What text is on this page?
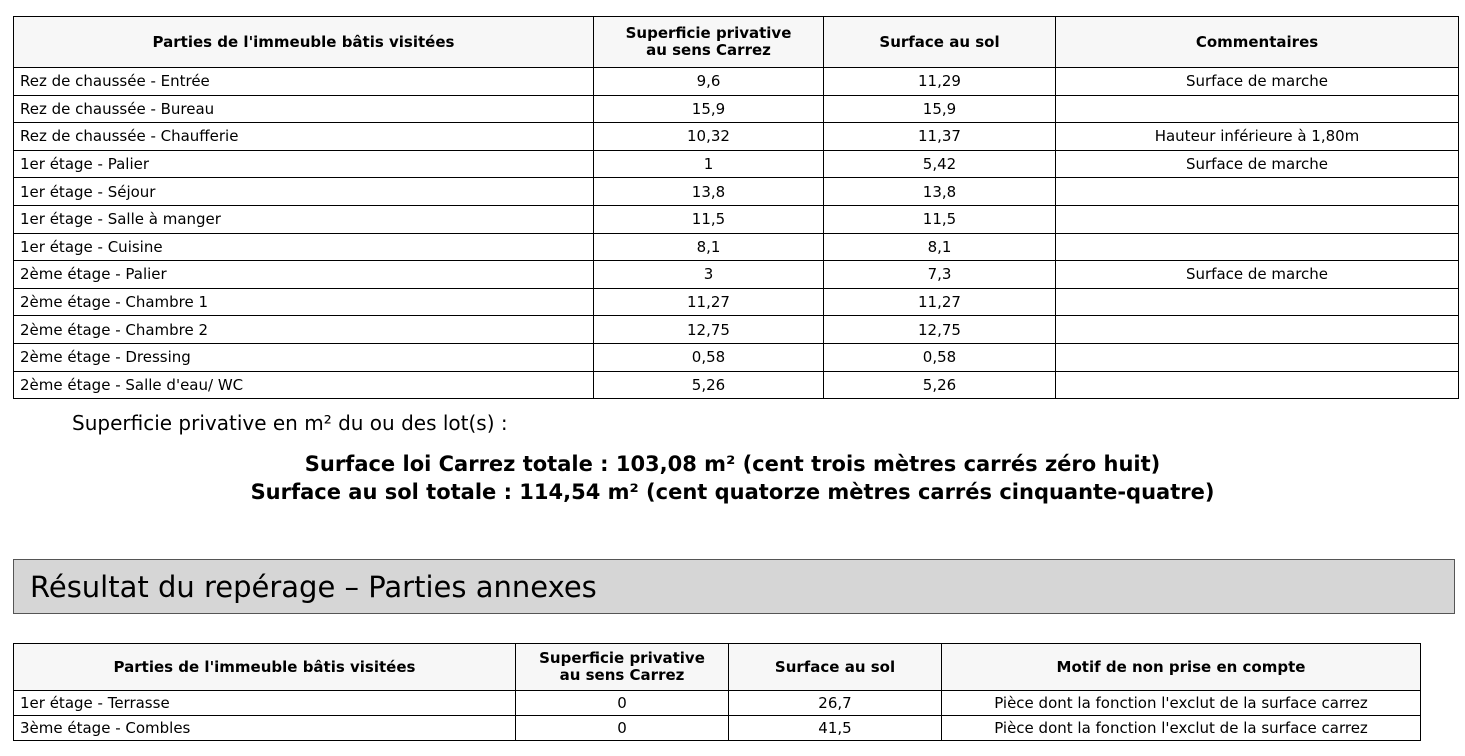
Parties de l'immeuble bâtis visitées	Superficie privative au sens Carrez	Surface au sol	Commentaires
Rez de chaussée - Entrée	9,6	11,29	Surface de marche
Rez de chaussée - Bureau	15,9	15,9	
Rez de chaussée - Chaufferie	10,32	11,37	Hauteur inférieure à 1,80m
1er étage - Palier	1	5,42	Surface de marche
1er étage - Séjour	13,8	13,8	
1er étage - Salle à manger	11,5	11,5	
1er étage - Cuisine	8,1	8,1	
2ème étage - Palier	3	7,3	Surface de marche
2ème étage - Chambre 1	11,27	11,27	
2ème étage - Chambre 2	12,75	12,75	
2ème étage - Dressing	0,58	0,58	
2ème étage - Salle d'eau/ WC	5,26	5,26	
Superficie privative en m² du ou des lot(s) :
Surface loi Carrez totale : 103,08 m² (cent trois mètres carrés zéro huit)
Surface au sol totale : 114,54 m² (cent quatorze mètres carrés cinquante-quatre)
Résultat du repérage – Parties annexes
Parties de l'immeuble bâtis visitées	Superficie privative au sens Carrez	Surface au sol	Motif de non prise en compte
1er étage - Terrasse	0	26,7	Pièce dont la fonction l'exclut de la surface carrez
3ème étage - Combles	0	41,5	Pièce dont la fonction l'exclut de la surface carrez
